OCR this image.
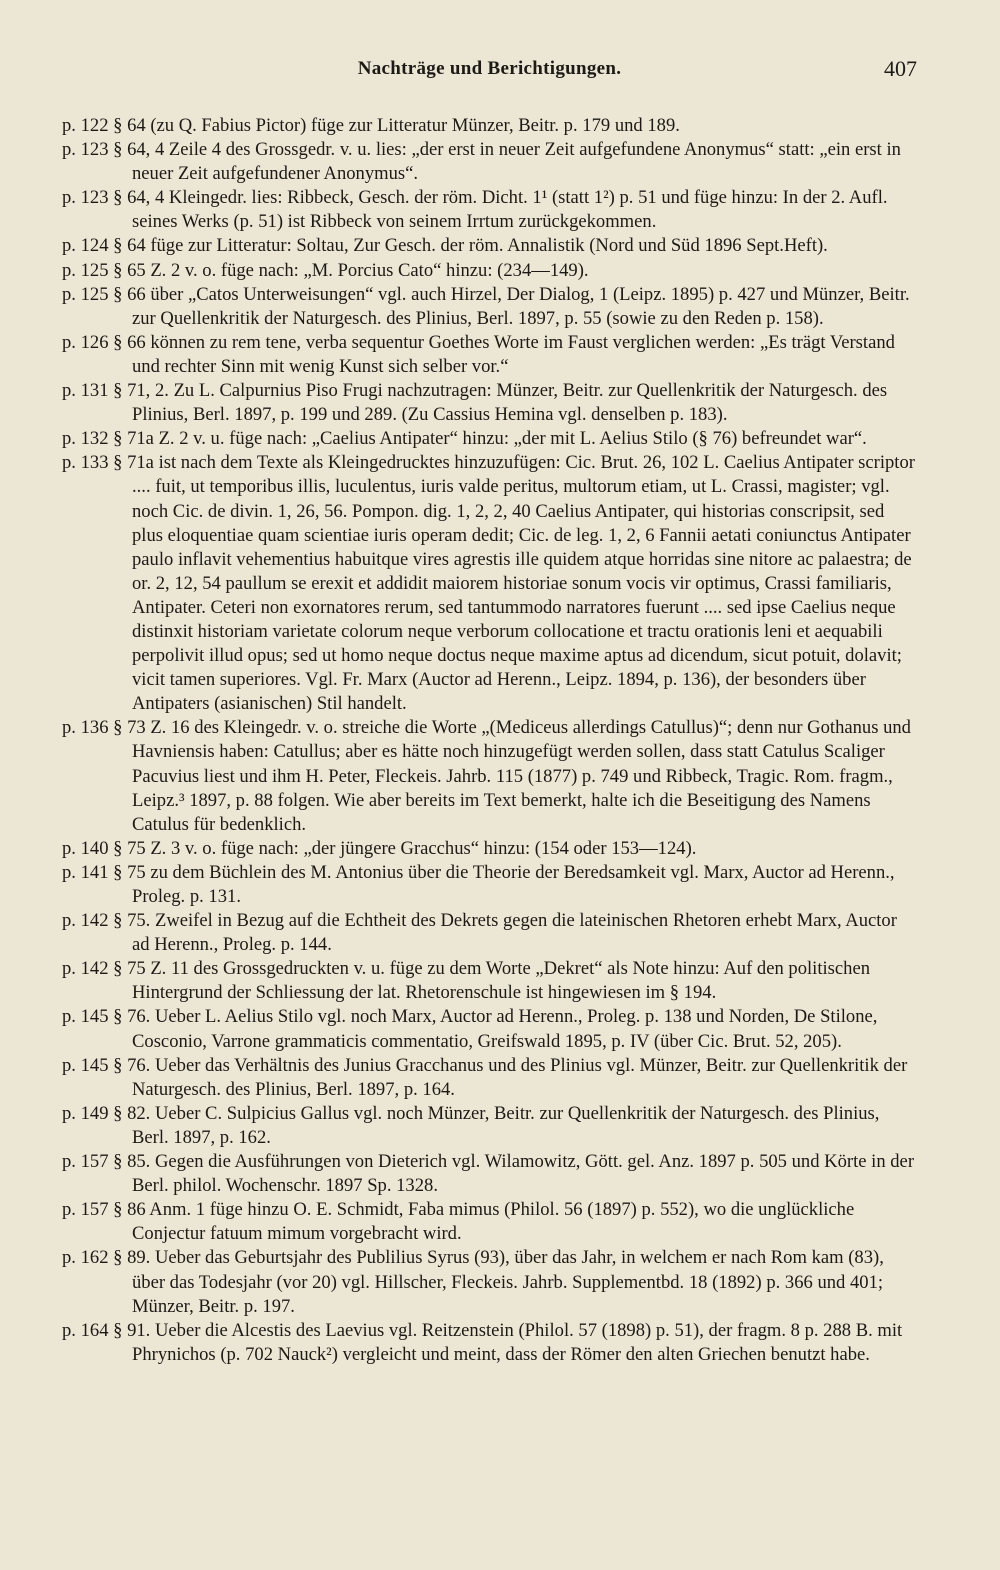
Nachträge und Berichtigungen.	407

p. 122 § 64 (zu Q. Fabius Pictor) füge zur Litteratur Münzer, Beitr. p. 179 und 189.

p. 123 § 64, 4 Zeile 4 des Grossgedr. v. u. lies: „der erst in neuer Zeit aufgefundene Anonymus“ statt: „ein erst in neuer Zeit aufgefundener Anonymus“.

p. 123 § 64, 4 Kleingedr. lies: Ribbeck, Gesch. der röm. Dicht. 1¹ (statt 1²) p. 51 und füge hinzu: In der 2. Aufl. seines Werks (p. 51) ist Ribbeck von seinem Irrtum zurückgekommen.

p. 124 § 64 füge zur Litteratur: Soltau, Zur Gesch. der röm. Annalistik (Nord und Süd 1896 Sept.Heft).

p. 125 § 65 Z. 2 v. o. füge nach: „M. Porcius Cato“ hinzu: (234—149).

p. 125 § 66 über „Catos Unterweisungen“ vgl. auch Hirzel, Der Dialog, 1 (Leipz. 1895) p. 427 und Münzer, Beitr. zur Quellenkritik der Naturgesch. des Plinius, Berl. 1897, p. 55 (sowie zu den Reden p. 158).

p. 126 § 66 können zu rem tene, verba sequentur Goethes Worte im Faust verglichen werden: „Es trägt Verstand und rechter Sinn mit wenig Kunst sich selber vor.“

p. 131 § 71, 2. Zu L. Calpurnius Piso Frugi nachzutragen: Münzer, Beitr. zur Quellenkritik der Naturgesch. des Plinius, Berl. 1897, p. 199 und 289. (Zu Cassius Hemina vgl. denselben p. 183).

p. 132 § 71a Z. 2 v. u. füge nach: „Caelius Antipater“ hinzu: „der mit L. Aelius Stilo (§ 76) befreundet war“.

p. 133 § 71a ist nach dem Texte als Kleingedrucktes hinzuzufügen: Cic. Brut. 26, 102 L. Caelius Antipater scriptor .... fuit, ut temporibus illis, luculentus, iuris valde peritus, multorum etiam, ut L. Crassi, magister; vgl. noch Cic. de divin. 1, 26, 56. Pompon. dig. 1, 2, 2, 40 Caelius Antipater, qui historias conscripsit, sed plus eloquentiae quam scientiae iuris operam dedit; Cic. de leg. 1, 2, 6 Fannii aetati coniunctus Antipater paulo inflavit vehementius habuitque vires agrestis ille quidem atque horridas sine nitore ac palaestra; de or. 2, 12, 54 paullum se erexit et addidit maiorem historiae sonum vocis vir optimus, Crassi familiaris, Antipater. Ceteri non exornatores rerum, sed tantummodo narratores fuerunt .... sed ipse Caelius neque distinxit historiam varietate colorum neque verborum collocatione et tractu orationis leni et aequabili perpolivit illud opus; sed ut homo neque doctus neque maxime aptus ad dicendum, sicut potuit, dolavit; vicit tamen superiores. Vgl. Fr. Marx (Auctor ad Herenn., Leipz. 1894, p. 136), der besonders über Antipaters (asianischen) Stil handelt.

p. 136 § 73 Z. 16 des Kleingedr. v. o. streiche die Worte „(Mediceus allerdings Catullus)“; denn nur Gothanus und Havniensis haben: Catullus; aber es hätte noch hinzugefügt werden sollen, dass statt Catulus Scaliger Pacuvius liest und ihm H. Peter, Fleckeis. Jahrb. 115 (1877) p. 749 und Ribbeck, Tragic. Rom. fragm., Leipz.³ 1897, p. 88 folgen. Wie aber bereits im Text bemerkt, halte ich die Beseitigung des Namens Catulus für bedenklich.

p. 140 § 75 Z. 3 v. o. füge nach: „der jüngere Gracchus“ hinzu: (154 oder 153—124).

p. 141 § 75 zu dem Büchlein des M. Antonius über die Theorie der Beredsamkeit vgl. Marx, Auctor ad Herenn., Proleg. p. 131.

p. 142 § 75. Zweifel in Bezug auf die Echtheit des Dekrets gegen die lateinischen Rhetoren erhebt Marx, Auctor ad Herenn., Proleg. p. 144.

p. 142 § 75 Z. 11 des Grossgedruckten v. u. füge zu dem Worte „Dekret“ als Note hinzu: Auf den politischen Hintergrund der Schliessung der lat. Rhetorenschule ist hingewiesen im § 194.

p. 145 § 76. Ueber L. Aelius Stilo vgl. noch Marx, Auctor ad Herenn., Proleg. p. 138 und Norden, De Stilone, Cosconio, Varrone grammaticis commentatio, Greifswald 1895, p. IV (über Cic. Brut. 52, 205).

p. 145 § 76. Ueber das Verhältnis des Junius Gracchanus und des Plinius vgl. Münzer, Beitr. zur Quellenkritik der Naturgesch. des Plinius, Berl. 1897, p. 164.

p. 149 § 82. Ueber C. Sulpicius Gallus vgl. noch Münzer, Beitr. zur Quellenkritik der Naturgesch. des Plinius, Berl. 1897, p. 162.

p. 157 § 85. Gegen die Ausführungen von Dieterich vgl. Wilamowitz, Gött. gel. Anz. 1897 p. 505 und Körte in der Berl. philol. Wochenschr. 1897 Sp. 1328.

p. 157 § 86 Anm. 1 füge hinzu O. E. Schmidt, Faba mimus (Philol. 56 (1897) p. 552), wo die unglückliche Conjectur fatuum mimum vorgebracht wird.

p. 162 § 89. Ueber das Geburtsjahr des Publilius Syrus (93), über das Jahr, in welchem er nach Rom kam (83), über das Todesjahr (vor 20) vgl. Hillscher, Fleckeis. Jahrb. Supplementbd. 18 (1892) p. 366 und 401; Münzer, Beitr. p. 197.

p. 164 § 91. Ueber die Alcestis des Laevius vgl. Reitzenstein (Philol. 57 (1898) p. 51), der fragm. 8 p. 288 B. mit Phrynichos (p. 702 Nauck²) vergleicht und meint, dass der Römer den alten Griechen benutzt habe.
